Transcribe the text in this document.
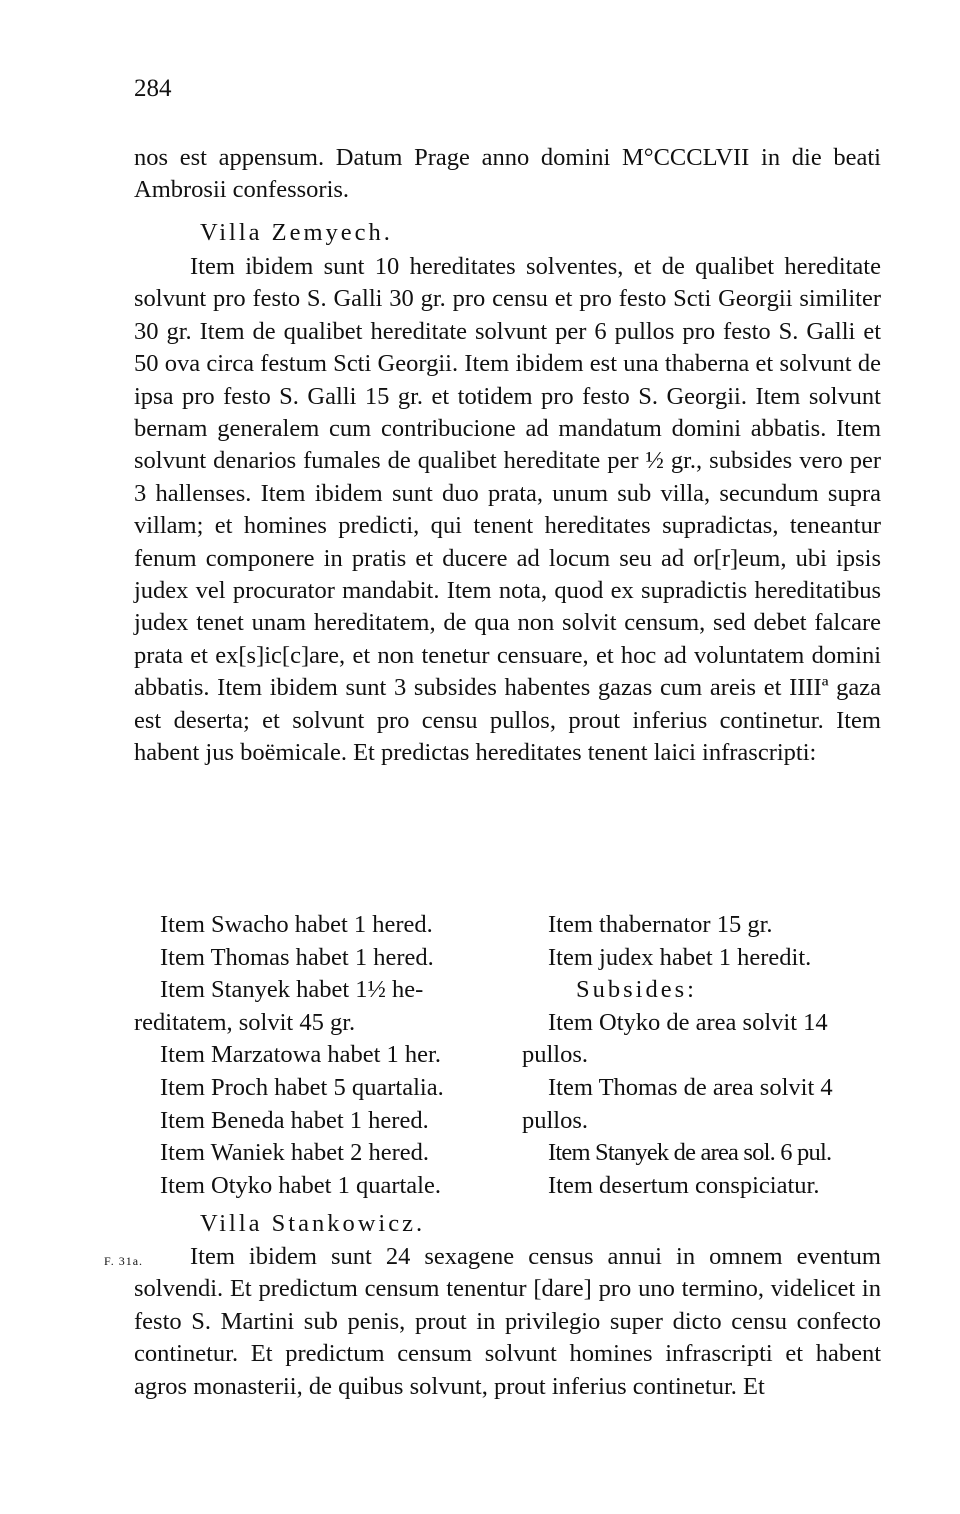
284

nos est appensum. Datum Prage anno domini M°CCCLVII in die beati Ambrosii confessoris.

Villa Zemyech.

Item ibidem sunt 10 hereditates solventes, et de qualibet hereditate solvunt pro festo S. Galli 30 gr. pro censu et pro festo Scti Georgii similiter 30 gr. Item de qualibet hereditate solvunt per 6 pullos pro festo S. Galli et 50 ova circa festum Scti Georgii. Item ibidem est una thaberna et solvunt de ipsa pro festo S. Galli 15 gr. et totidem pro festo S. Georgii. Item solvunt bernam generalem cum contribucione ad mandatum domini abbatis. Item solvunt denarios fumales de qualibet hereditate per ½ gr., subsides vero per 3 hallenses. Item ibidem sunt duo prata, unum sub villa, secundum supra villam; et homines predicti, qui tenent hereditates supradictas, teneantur fenum componere in pratis et ducere ad locum seu ad or[r]eum, ubi ipsis judex vel procurator mandabit. Item nota, quod ex supradictis hereditatibus judex tenet unam hereditatem, de qua non solvit censum, sed debet falcare prata et ex[s]ic[c]are, et non tenetur censuare, et hoc ad voluntatem domini abbatis. Item ibidem sunt 3 subsides habentes gazas cum areis et IIIIª gaza est deserta; et solvunt pro censu pullos, prout inferius continetur. Item habent jus boëmicale. Et predictas hereditates tenent laici infrascripti:

Item Swacho habet 1 hered.
Item Thomas habet 1 hered.
Item Stanyek habet 1½ he-
reditatem, solvit 45 gr.
Item Marzatowa habet 1 her.
Item Proch habet 5 quartalia.
Item Beneda habet 1 hered.
Item Waniek habet 2 hered.
Item Otyko habet 1 quartale.
Item thabernator 15 gr.
Item judex habet 1 heredit.
Subsides:
Item Otyko de area solvit 14
pullos.
Item Thomas de area solvit 4
pullos.
Item Stanyek de area sol. 6 pul.
Item desertum conspiciatur.
Villa Stankowicz.
F. 31a.	Item ibidem sunt 24 sexagene census annui in omnem eventum solvendi. Et predictum censum tenentur [dare] pro uno termino, videlicet in festo S. Martini sub penis, prout in privilegio super dicto censu confecto continetur. Et predictum censum solvunt homines infrascripti et habent agros monasterii, de quibus solvunt, prout inferius continetur. Et
